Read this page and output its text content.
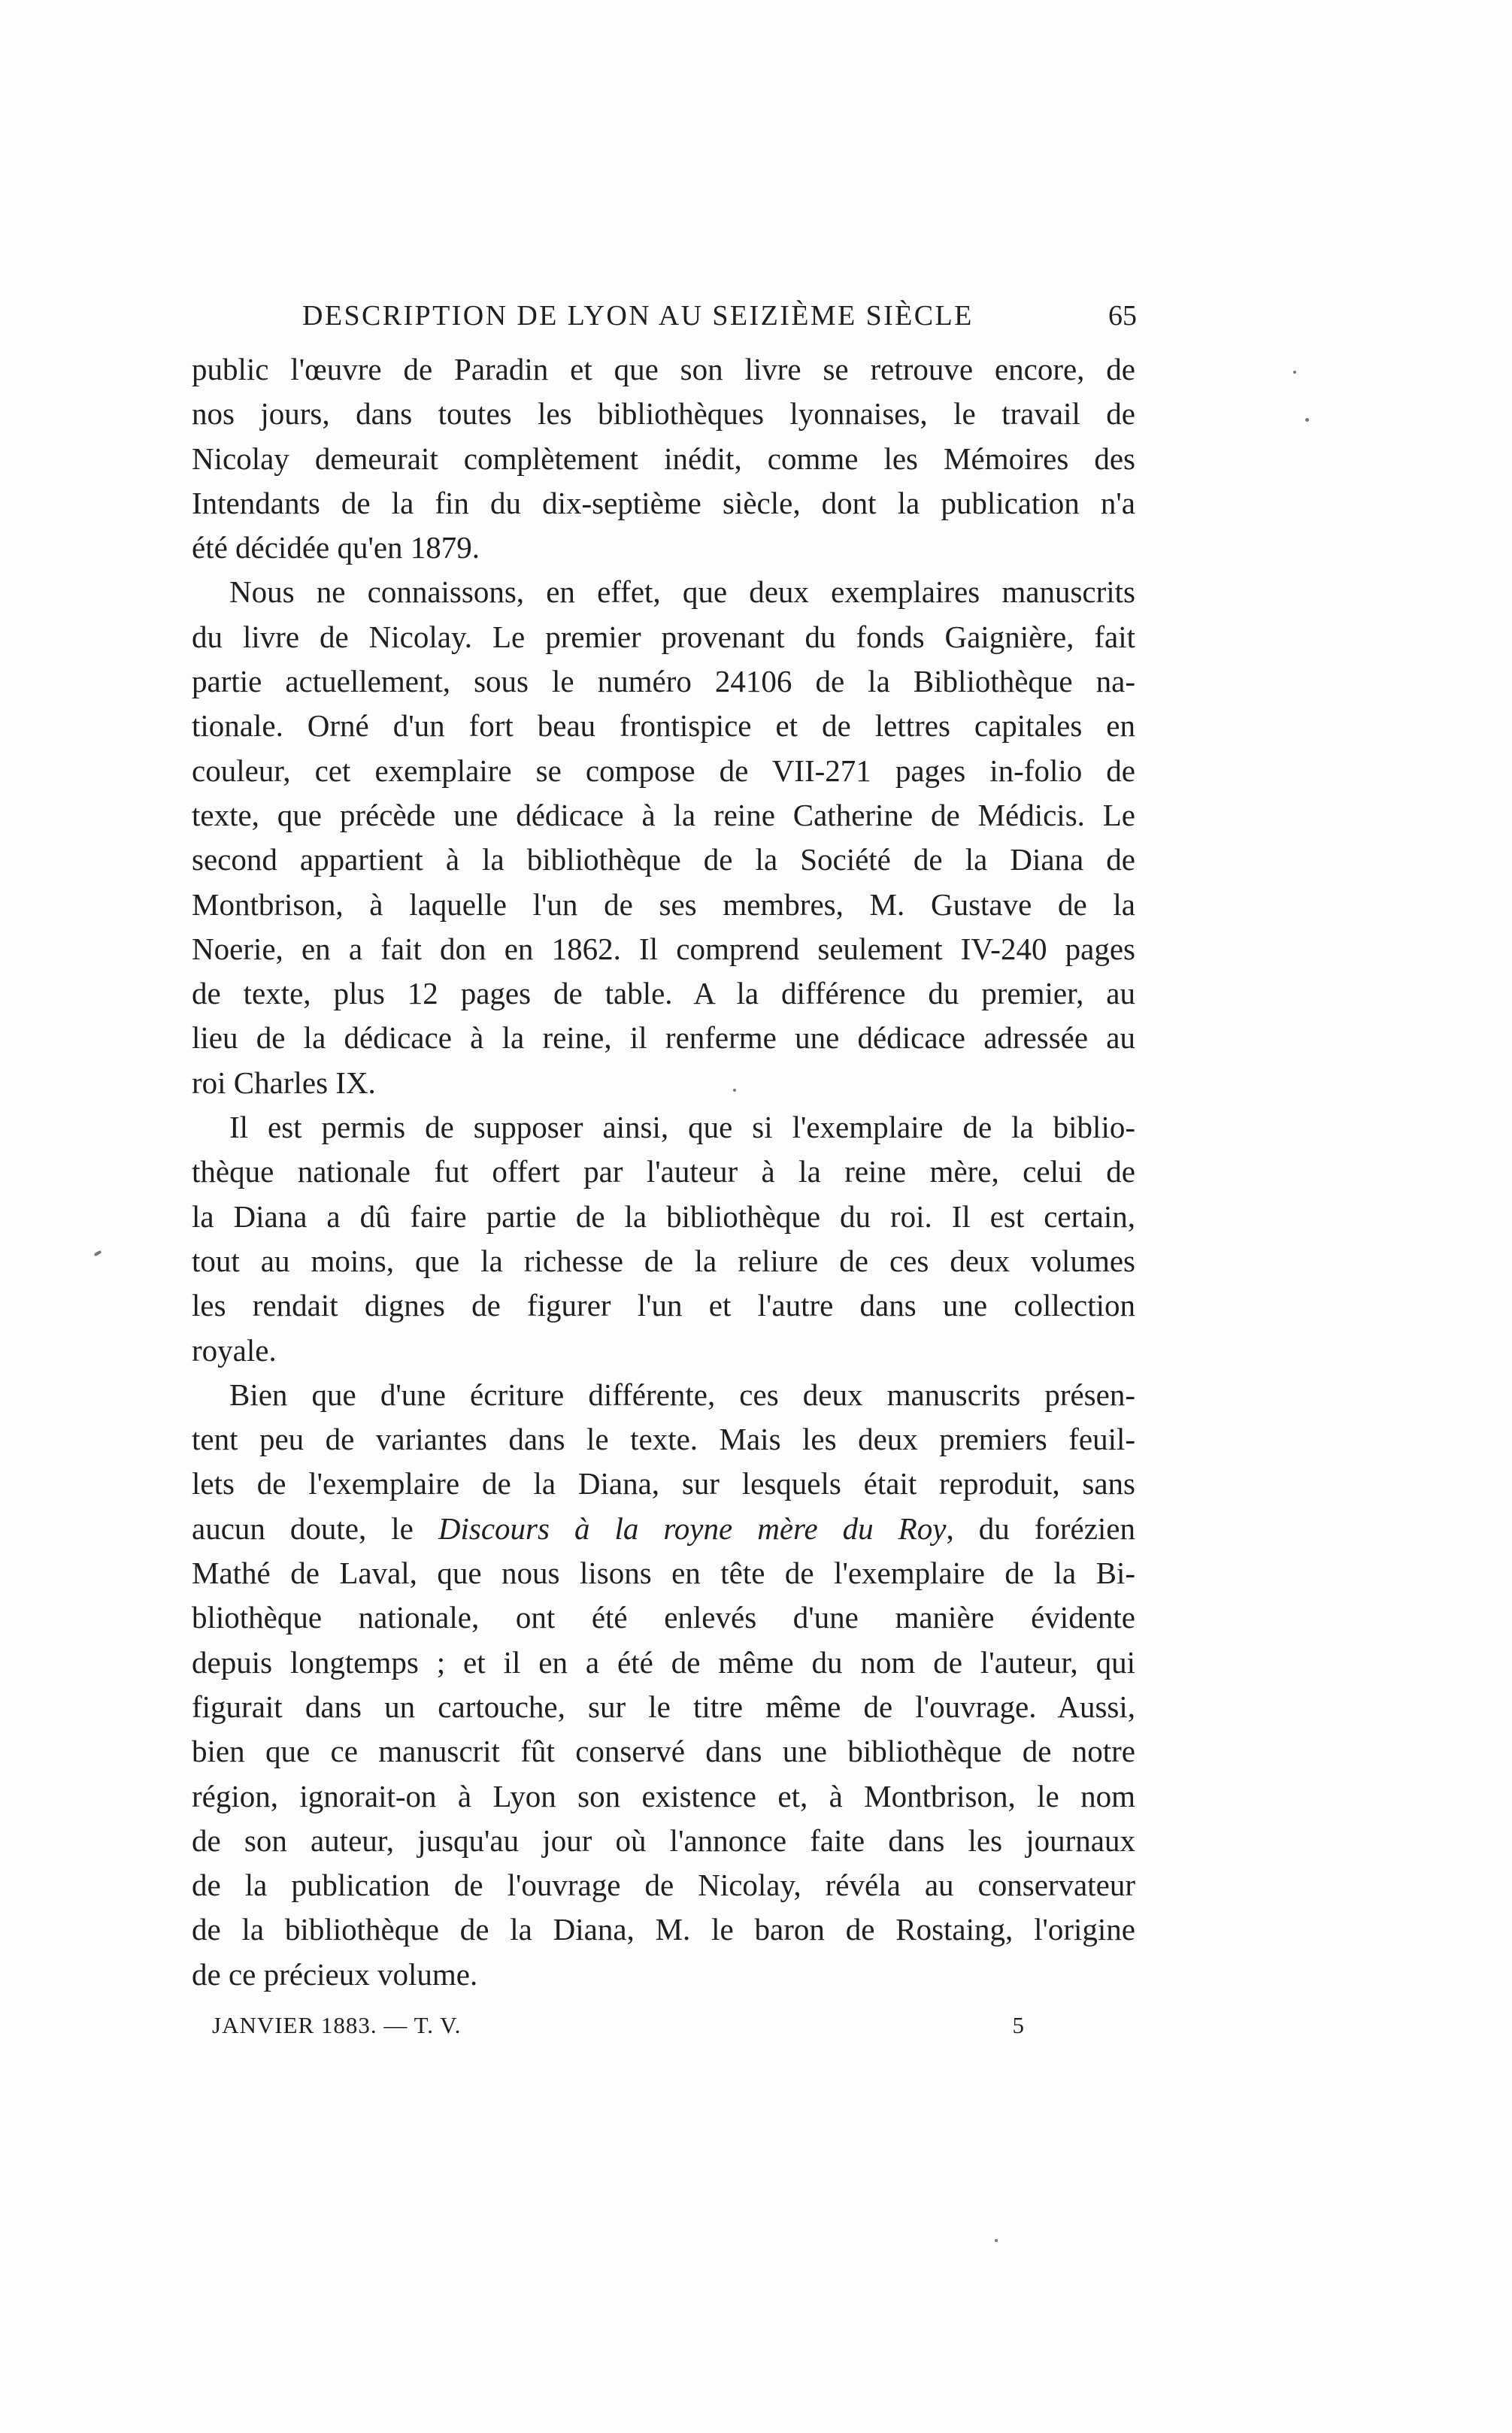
DESCRIPTION DE LYON AU SEIZIÈME SIÈCLE	65
public l'œuvre de Paradin et que son livre se retrouve encore, de
nos jours, dans toutes les bibliothèques lyonnaises, le travail de
Nicolay demeurait complètement inédit, comme les Mémoires des
Intendants de la fin du dix-septième siècle, dont la publication n'a
été décidée qu'en 1879.
Nous ne connaissons, en effet, que deux exemplaires manuscrits
du livre de Nicolay. Le premier provenant du fonds Gaignière, fait
partie actuellement, sous le numéro 24106 de la Bibliothèque na-
tionale. Orné d'un fort beau frontispice et de lettres capitales en
couleur, cet exemplaire se compose de VII-271 pages in-folio de
texte, que précède une dédicace à la reine Catherine de Médicis. Le
second appartient à la bibliothèque de la Société de la Diana de
Montbrison, à laquelle l'un de ses membres, M. Gustave de la
Noerie, en a fait don en 1862. Il comprend seulement IV-240 pages
de texte, plus 12 pages de table. A la différence du premier, au
lieu de la dédicace à la reine, il renferme une dédicace adressée au
roi Charles IX.
Il est permis de supposer ainsi, que si l'exemplaire de la biblio-
thèque nationale fut offert par l'auteur à la reine mère, celui de
la Diana a dû faire partie de la bibliothèque du roi. Il est certain,
tout au moins, que la richesse de la reliure de ces deux volumes
les rendait dignes de figurer l'un et l'autre dans une collection
royale.
Bien que d'une écriture différente, ces deux manuscrits présen-
tent peu de variantes dans le texte. Mais les deux premiers feuil-
lets de l'exemplaire de la Diana, sur lesquels était reproduit, sans
aucun doute, le Discours à la royne mère du Roy, du forézien
Mathé de Laval, que nous lisons en tête de l'exemplaire de la Bi-
bliothèque nationale, ont été enlevés d'une manière évidente
depuis longtemps ; et il en a été de même du nom de l'auteur, qui
figurait dans un cartouche, sur le titre même de l'ouvrage. Aussi,
bien que ce manuscrit fût conservé dans une bibliothèque de notre
région, ignorait-on à Lyon son existence et, à Montbrison, le nom
de son auteur, jusqu'au jour où l'annonce faite dans les journaux
de la publication de l'ouvrage de Nicolay, révéla au conservateur
de la bibliothèque de la Diana, M. le baron de Rostaing, l'origine
de ce précieux volume.
JANVIER 1883. — T. V.	5
